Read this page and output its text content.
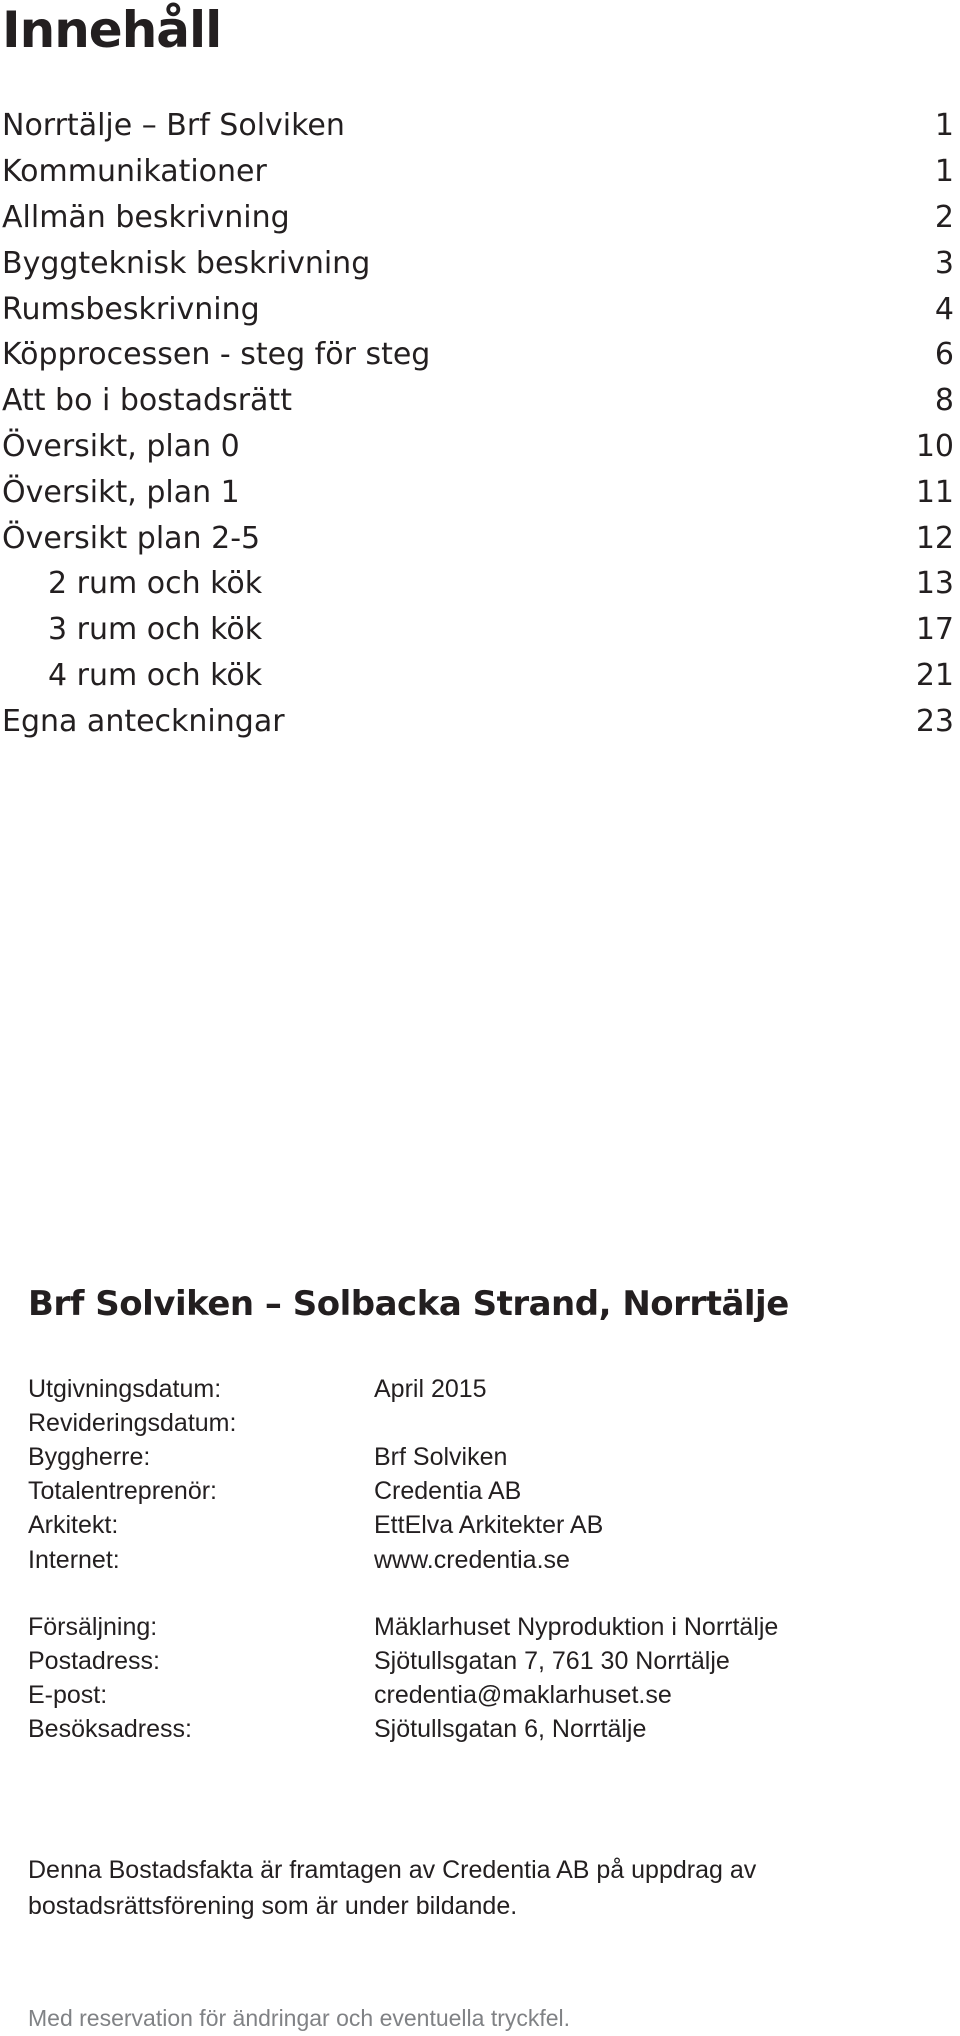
Innehåll
Norrtälje – Brf Solviken	1
Kommunikationer	1
Allmän beskrivning	2
Byggteknisk beskrivning	3
Rumsbeskrivning	4
Köpprocessen - steg för steg	6
Att bo i bostadsrätt	8
Översikt, plan 0	10
Översikt, plan 1	11
Översikt plan 2-5	12
2 rum och kök	13
3 rum och kök	17
4 rum och kök	21
Egna anteckningar	23
Brf Solviken – Solbacka Strand, Norrtälje
Utgivningsdatum:	April 2015
Revideringsdatum:	
Byggherre:	Brf Solviken
Totalentreprenör:	Credentia AB
Arkitekt:	EttElva Arkitekter AB
Internet:	www.credentia.se
Försäljning:	Mäklarhuset Nyproduktion i Norrtälje
Postadress:	Sjötullsgatan 7, 761 30 Norrtälje
E-post:	credentia@maklarhuset.se
Besöksadress:	Sjötullsgatan 6, Norrtälje

Denna Bostadsfakta är framtagen av Credentia AB på uppdrag av bostadsrättsförening som är under bildande.

Med reservation för ändringar och eventuella tryckfel.
